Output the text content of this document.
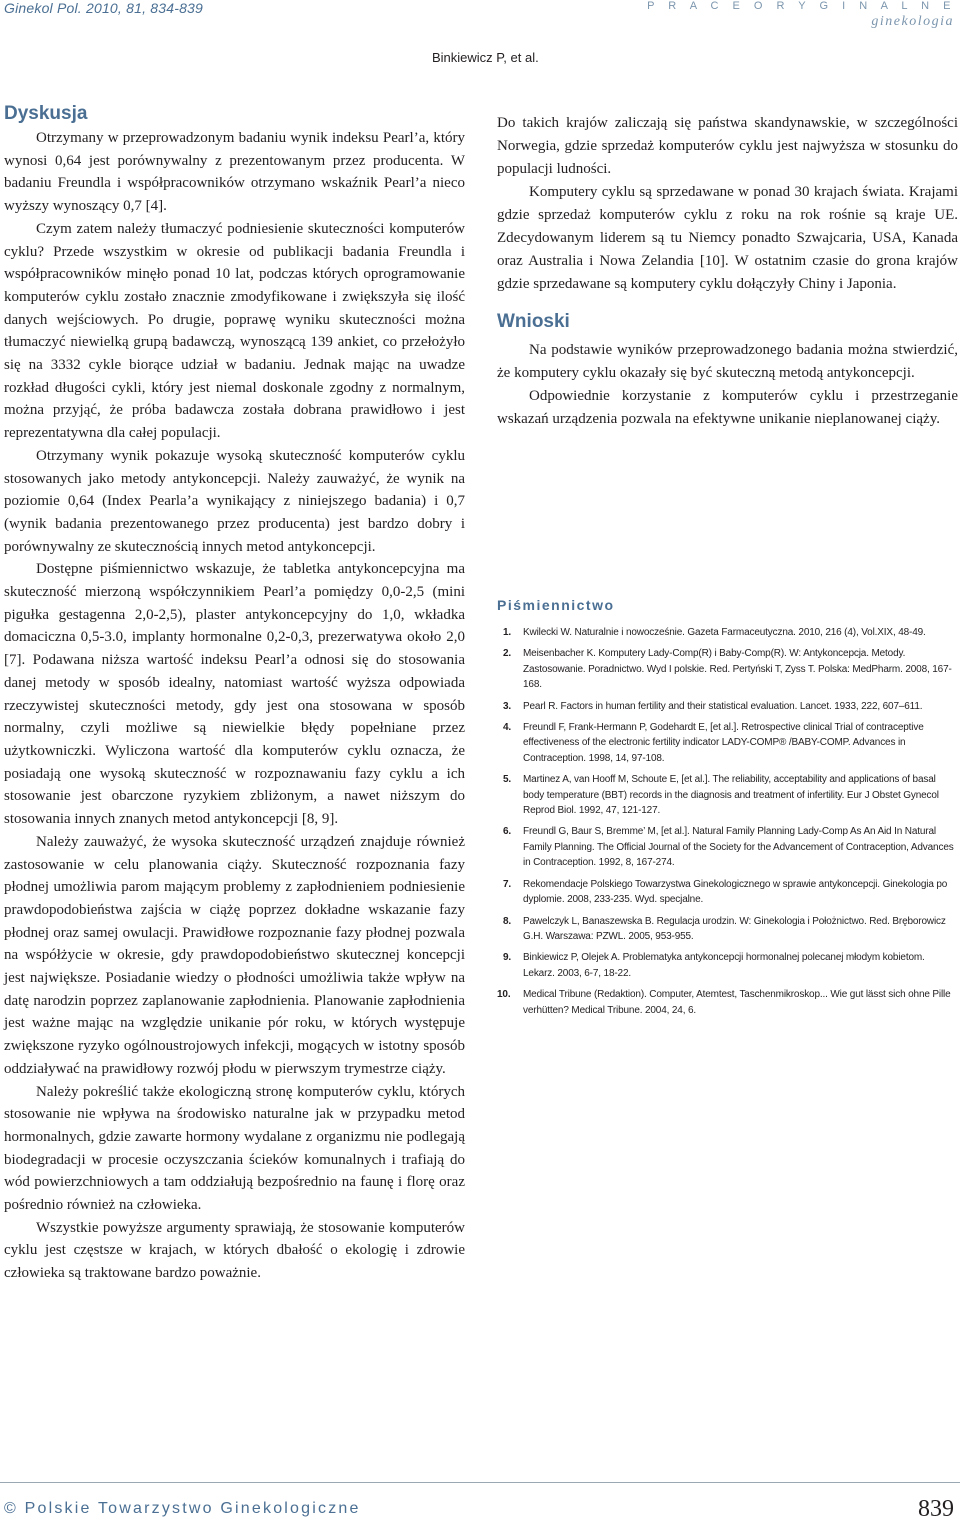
Ginekol Pol. 2010, 81, 834-839	P R A C E O R Y G I N A L N E
ginekologia
Binkiewicz P, et al.
Dyskusja

Otrzymany w przeprowadzonym badaniu wynik indeksu Pearl’a, który wynosi 0,64 jest porównywalny z prezentowanym przez producenta. W badaniu Freundla i współpracowników otrzymano wskaźnik Pearl’a nieco wyższy wynoszący 0,7 [4].

Czym zatem należy tłumaczyć podniesienie skuteczności komputerów cyklu? Przede wszystkim w okresie od publikacji badania Freundla i współpracowników minęło ponad 10 lat, podczas których oprogramowanie komputerów cyklu zostało znacznie zmodyfikowane i zwiększyła się ilość danych wejściowych. Po drugie, poprawę wyniku skuteczności można tłumaczyć niewielką grupą badawczą, wynoszącą 139 ankiet, co przełożyło się na 3332 cykle biorące udział w badaniu. Jednak mając na uwadze rozkład długości cykli, który jest niemal doskonale zgodny z normalnym, można przyjąć, że próba badawcza została dobrana prawidłowo i jest reprezentatywna dla całej populacji.

Otrzymany wynik pokazuje wysoką skuteczność komputerów cyklu stosowanych jako metody antykoncepcji. Należy zauważyć, że wynik na poziomie 0,64 (Index Pearla’a wynikający z niniejszego badania) i 0,7 (wynik badania prezentowanego przez producenta) jest bardzo dobry i porównywalny ze skutecznością innych metod antykoncepcji.

Dostępne piśmiennictwo wskazuje, że tabletka antykoncepcyjna ma skuteczność mierzoną współczynnikiem Pearl’a pomiędzy 0,0-2,5 (mini pigułka gestagenna 2,0-2,5), plaster antykoncepcyjny do 1,0, wkładka domaciczna 0,5-3.0, implanty hormonalne 0,2-0,3, prezerwatywa około 2,0 [7]. Podawana niższa wartość indeksu Pearl’a odnosi się do stosowania danej metody w sposób idealny, natomiast wartość wyższa odpowiada rzeczywistej skuteczności metody, gdy jest ona stosowana w sposób normalny, czyli możliwe są niewielkie błędy popełniane przez użytkowniczki. Wyliczona wartość dla komputerów cyklu oznacza, że posiadają one wysoką skuteczność w rozpoznawaniu fazy cyklu a ich stosowanie jest obarczone ryzykiem zbliżonym, a nawet niższym do stosowania innych znanych metod antykoncepcji [8, 9].

Należy zauważyć, że wysoka skuteczność urządzeń znajduje również zastosowanie w celu planowania ciąży. Skuteczność rozpoznania fazy płodnej umożliwia parom mającym problemy z zapłodnieniem podniesienie prawdopodobieństwa zajścia w ciążę poprzez dokładne wskazanie fazy płodnej oraz samej owulacji. Prawidłowe rozpoznanie fazy płodnej pozwala na współżycie w okresie, gdy prawdopodobieństwo skutecznej koncepcji jest największe. Posiadanie wiedzy o płodności umożliwia także wpływ na datę narodzin poprzez zaplanowanie zapłodnienia. Planowanie zapłodnienia jest ważne mając na względzie unikanie pór roku, w których występuje zwiększone ryzyko ogólnoustrojowych infekcji, mogących w istotny sposób oddziaływać na prawidłowy rozwój płodu w pierwszym trymestrze ciąży.

Należy pokreślić także ekologiczną stronę komputerów cyklu, których stosowanie nie wpływa na środowisko naturalne jak w przypadku metod hormonalnych, gdzie zawarte hormony wydalane z organizmu nie podlegają biodegradacji w procesie oczyszczania ścieków komunalnych i trafiają do wód powierzchniowych a tam oddziałują bezpośrednio na faunę i florę oraz pośrednio również na człowieka.

Wszystkie powyższe argumenty sprawiają, że stosowanie komputerów cyklu jest częstsze w krajach, w których dbałość o ekologię i zdrowie człowieka są traktowane bardzo poważnie.

Do takich krajów zaliczają się państwa skandynawskie, w szczególności Norwegia, gdzie sprzedaż komputerów cyklu jest najwyższa w stosunku do populacji ludności.

Komputery cyklu są sprzedawane w ponad 30 krajach świata. Krajami gdzie sprzedaż komputerów cyklu z roku na rok rośnie są kraje UE. Zdecydowanym liderem są tu Niemcy ponadto Szwajcaria, USA, Kanada oraz Australia i Nowa Zelandia [10]. W ostatnim czasie do grona krajów gdzie sprzedawane są komputery cyklu dołączyły Chiny i Japonia.

Wnioski

Na podstawie wyników przeprowadzonego badania można stwierdzić, że komputery cyklu okazały się być skuteczną metodą antykoncepcji.

Odpowiednie korzystanie z komputerów cyklu i przestrzeganie wskazań urządzenia pozwala na efektywne unikanie nieplanowanej ciąży.

Piśmiennictwo
1. Kwilecki W. Naturalnie i nowocześnie. Gazeta Farmaceutyczna. 2010, 216 (4), Vol.XIX, 48-49.
2. Meisenbacher K. Komputery Lady-Comp(R) i Baby-Comp(R). W: Antykoncepcja. Metody. Zastosowanie. Poradnictwo. Wyd I polskie. Red. Pertyński T, Zyss T. Polska: MedPharm. 2008, 167-168.
3. Pearl R. Factors in human fertility and their statistical evaluation. Lancet. 1933, 222, 607–611.
4. Freundl F, Frank-Hermann P, Godehardt E, [et al.]. Retrospective clinical Trial of contraceptive effectiveness of the electronic fertility indicator LADY-COMP® /BABY-COMP. Advances in Contraception. 1998, 14, 97-108.
5. Martinez A, van Hooff M, Schoute E, [et al.]. The reliability, acceptability and applications of basal body temperature (BBT) records in the diagnosis and treatment of infertility. Eur J Obstet Gynecol Reprod Biol. 1992, 47, 121-127.
6. Freundl G, Baur S, Bremme’ M, [et al.]. Natural Family Planning Lady-Comp As An Aid In Natural Family Planning. The Official Journal of the Society for the Advancement of Contraception, Advances in Contraception. 1992, 8, 167-274.
7. Rekomendacje Polskiego Towarzystwa Ginekologicznego w sprawie antykoncepcji. Ginekologia po dyplomie. 2008, 233-235. Wyd. specjalne.
8. Pawelczyk L, Banaszewska B. Regulacja urodzin. W: Ginekologia i Położnictwo. Red. Bręborowicz G.H. Warszawa: PZWL. 2005, 953-955.
9. Binkiewicz P, Olejek A. Problematyka antykoncepcji hormonalnej polecanej młodym kobietom. Lekarz. 2003, 6-7, 18-22.
10. Medical Tribune (Redaktion). Computer, Atemtest, Taschenmikroskop... Wie gut lässt sich ohne Pille verhütten? Medical Tribune. 2004, 24, 6.
© Polskie Towarzystwo Ginekologiczne	839
